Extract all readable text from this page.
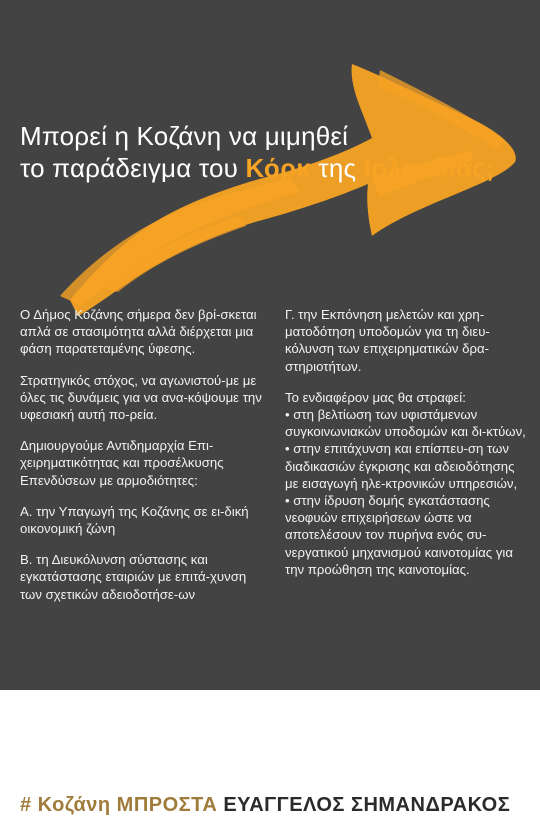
Μπορεί η Κοζάνη να μιμηθεί
το παράδειγμα του Κόρκ της Ιρλανδίας;

Ο Δήμος Κοζάνης σήμερα δεν βρί-σκεται απλά σε στασιμότητα αλλά διέρχεται μια φάση παρατεταμένης ύφεσης.

Στρατηγικός στόχος, να αγωνιστού-με με όλες τις δυνάμεις για να ανα-κόψουμε την υφεσιακή αυτή πο-ρεία.

Δημιουργούμε Αντιδημαρχία Επι-χειρηματικότητας και προσέλκυσης Επενδύσεων με αρμοδιότητες:

Α. την Υπαγωγή της Κοζάνης σε ει-δική οικονομική ζώνη

Β. τη Διευκόλυνση σύστασης και εγκατάστασης εταιριών με επιτά-χυνση των σχετικών αδειοδοτήσε-ων

Γ. την Εκπόνηση μελετών και χρη-ματοδότηση υποδομών για τη διευ-κόλυνση των επιχειρηματικών δρα-στηριοτήτων.

Το ενδιαφέρον μας θα στραφεί:
• στη βελτίωση των υφιστάμενων συγκοινωνιακών υποδομών και δι-κτύων,
• στην επιτάχυνση και επίσπευ-ση των διαδικασιών έγκρισης και αδειοδότησης με εισαγωγή ηλε-κτρονικών υπηρεσιών,
• στην ίδρυση δομής εγκατάστασης νεοφυών επιχειρήσεων ώστε να αποτελέσουν τον πυρήνα ενός συ-νεργατικού μηχανισμού καινοτομίας για την προώθηση της καινοτομίας.
# Κοζάνη ΜΠΡΟΣΤΑ ΕΥΑΓΓΕΛΟΣ ΣΗΜΑΝΔΡΑΚΟΣ
